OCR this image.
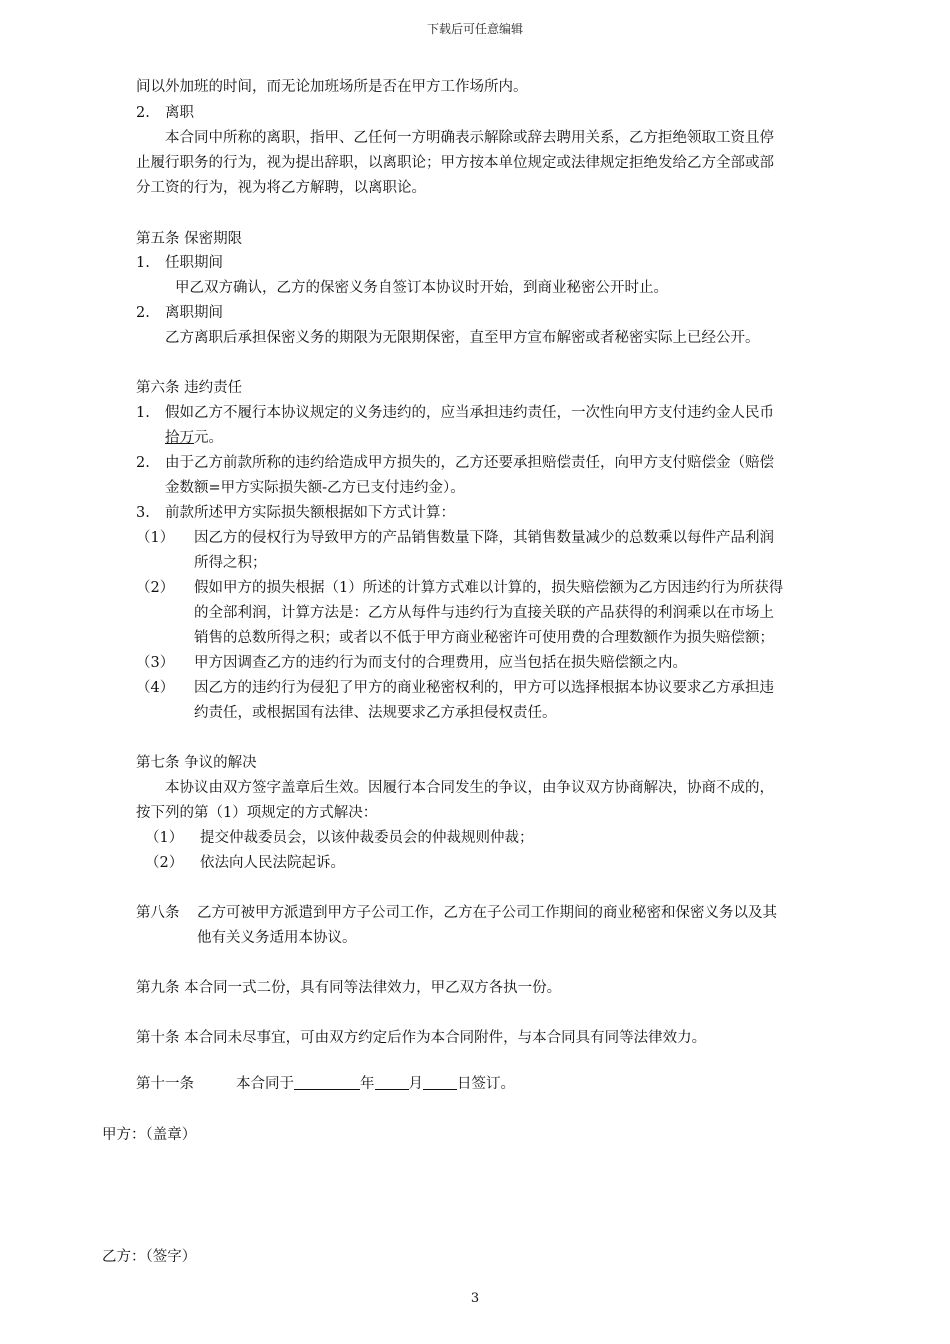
下载后可任意编辑
间以外加班的时间，而无论加班场所是否在甲方工作场所内。
2. 离职
本合同中所称的离职，指甲、乙任何一方明确表示解除或辞去聘用关系，乙方拒绝领取工资且停
止履行职务的行为，视为提出辞职，以离职论；甲方按本单位规定或法律规定拒绝发给乙方全部或部
分工资的行为，视为将乙方解聘，以离职论。
第五条 保密期限
1. 任职期间
甲乙双方确认，乙方的保密义务自签订本协议时开始，到商业秘密公开时止。
2. 离职期间
乙方离职后承担保密义务的期限为无限期保密，直至甲方宣布解密或者秘密实际上已经公开。
第六条 违约责任
1. 假如乙方不履行本协议规定的义务违约的，应当承担违约责任，一次性向甲方支付违约金人民币
拾万元。
2. 由于乙方前款所称的违约给造成甲方损失的，乙方还要承担赔偿责任，向甲方支付赔偿金（赔偿
金数额=甲方实际损失额-乙方已支付违约金）。
3. 前款所述甲方实际损失额根据如下方式计算：
（1） 因乙方的侵权行为导致甲方的产品销售数量下降，其销售数量减少的总数乘以每件产品利润
所得之积；
（2） 假如甲方的损失根据（1）所述的计算方式难以计算的，损失赔偿额为乙方因违约行为所获得
的全部利润，计算方法是：乙方从每件与违约行为直接关联的产品获得的利润乘以在市场上
销售的总数所得之积；或者以不低于甲方商业秘密许可使用费的合理数额作为损失赔偿额；
（3） 甲方因调查乙方的违约行为而支付的合理费用，应当包括在损失赔偿额之内。
（4） 因乙方的违约行为侵犯了甲方的商业秘密权利的，甲方可以选择根据本协议要求乙方承担违
约责任，或根据国有法律、法规要求乙方承担侵权责任。
第七条 争议的解决
本协议由双方签字盖章后生效。因履行本合同发生的争议，由争议双方协商解决，协商不成的，
按下列的第（1）项规定的方式解决：
（1） 提交仲裁委员会，以该仲裁委员会的仲裁规则仲裁；
（2） 依法向人民法院起诉。
第八条 乙方可被甲方派遣到甲方子公司工作，乙方在子公司工作期间的商业秘密和保密义务以及其
他有关义务适用本协议。
第九条 本合同一式二份，具有同等法律效力，甲乙双方各执一份。
第十条 本合同未尽事宜，可由双方约定后作为本合同附件，与本合同具有同等法律效力。
第十一条	本合同于	年 月 日签订。
甲方：（盖章）
乙方：（签字）
3
